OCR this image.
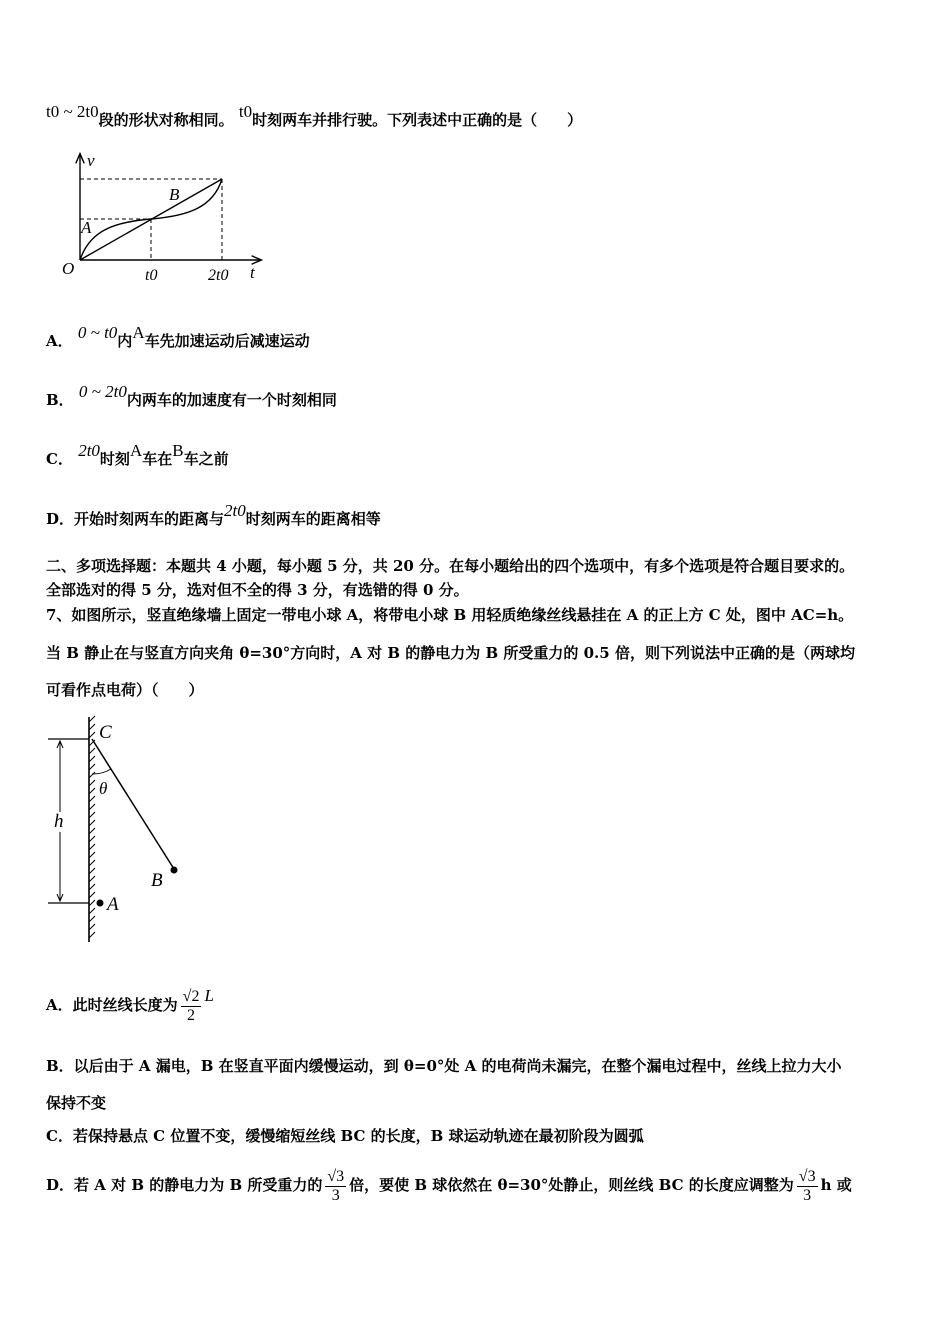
t0 ~ 2t0段的形状对称相同。 t0时刻两车并排行驶。下列表述中正确的是（　　）
v
t
O
A
B
t0	2t0
A． 0 ~ t0内A车先加速运动后减速运动
B． 0 ~ 2t0内两车的加速度有一个时刻相同
C． 2t0时刻A车在B车之前
D．开始时刻两车的距离与2t0时刻两车的距离相等
二、多项选择题：本题共 4 小题，每小题 5 分，共 20 分。在每小题给出的四个选项中，有多个选项是符合题目要求的。
全部选对的得 5 分，选对但不全的得 3 分，有选错的得 0 分。
7、如图所示，竖直绝缘墙上固定一带电小球 A，将带电小球 B 用轻质绝缘丝线悬挂在 A 的正上方 C 处，图中 AC=h。
当 B 静止在与竖直方向夹角 θ=30°方向时，A 对 B 的静电力为 B 所受重力的 0.5 倍，则下列说法中正确的是（两球均
可看作点电荷）（　　）
h
θ
C
B
A
A．此时丝线长度为 $\frac{√2}{2}$ L
B．以后由于 A 漏电，B 在竖直平面内缓慢运动，到 θ=0°处 A 的电荷尚未漏完，在整个漏电过程中，丝线上拉力大小
保持不变
C．若保持悬点 C 位置不变，缓慢缩短丝线 BC 的长度，B 球运动轨迹在最初阶段为圆弧
D．若 A 对 B 的静电力为 B 所受重力的 $\frac{√3}{3}$ 倍，要使 B 球依然在 θ=30°处静止，则丝线 BC 的长度应调整为 $\frac{√3}{3}$ h 或
